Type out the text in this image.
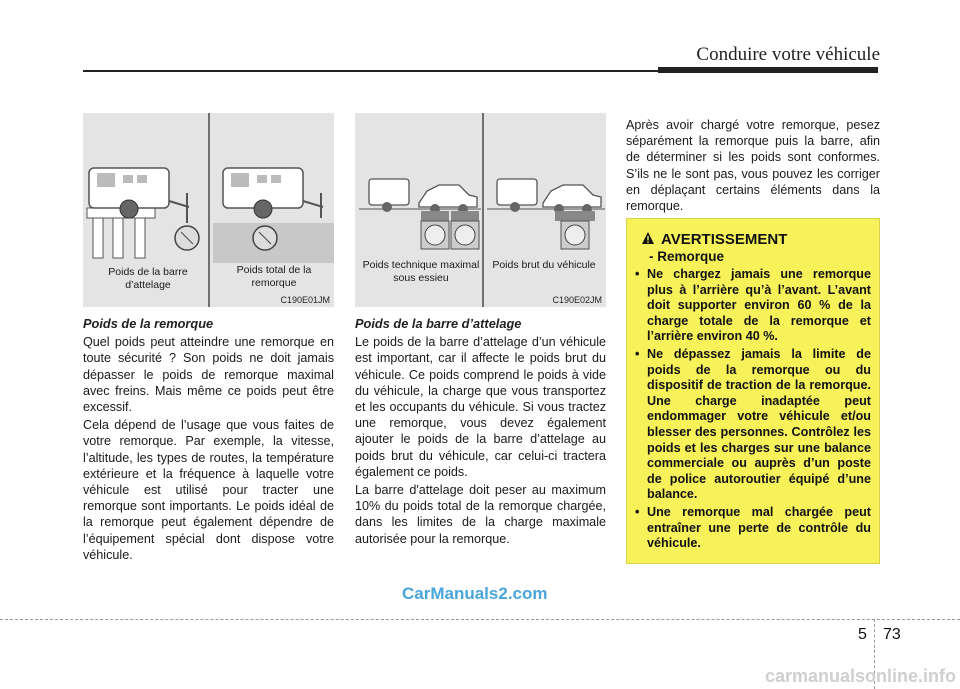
Conduire votre véhicule
Poids de la barre d’attelage
Poids total de la remorque
C190E01JM
Poids technique maximal sous essieu
Poids brut du véhicule
C190E02JM
Poids de la remorque

Quel poids peut atteindre une remorque en toute sécurité ? Son poids ne doit jamais dépasser le poids de remorque maximal avec freins. Mais même ce poids peut être excessif.

Cela dépend de l’usage que vous faites de votre remorque. Par exemple, la vitesse, l’altitude, les types de routes, la température extérieure et la fréquence à laquelle votre véhicule est utilisé pour tracter une remorque sont importants. Le poids idéal de la remorque peut également dépendre de l’équipement spécial dont dispose votre véhicule.

Poids de la barre d’attelage

Le poids de la barre d’attelage d’un véhicule est important, car il affecte le poids brut du véhicule. Ce poids comprend le poids à vide du véhicule, la charge que vous transportez et les occupants du véhicule. Si vous tractez une remorque, vous devez également ajouter le poids de la barre d’attelage au poids brut du véhicule, car celui-ci tractera également ce poids.

La barre d'attelage doit peser au maximum 10% du poids total de la remorque chargée, dans les limites de la charge maximale autorisée pour la remorque.

Après avoir chargé votre remorque, pesez séparément la remorque puis la barre, afin de déterminer si les poids sont conformes. S’ils ne le sont pas, vous pouvez les corriger en déplaçant certains éléments dans la remorque.

AVERTISSEMENT
- Remorque
• Ne chargez jamais une remorque plus à l’arrière qu’à l’avant. L’avant doit supporter environ 60 % de la charge totale de la remorque et l’arrière environ 40 %.
• Ne dépassez jamais la limite de poids de la remorque ou du dispositif de traction de la remorque. Une charge inadaptée peut endommager votre véhicule et/ou blesser des personnes. Contrôlez les poids et les charges sur une balance commerciale ou auprès d’un poste de police autoroutier équipé d’une balance.
• Une remorque mal chargée peut entraîner une perte de contrôle du véhicule.
CarManuals2.com
5 73
carmanualsonline.info
